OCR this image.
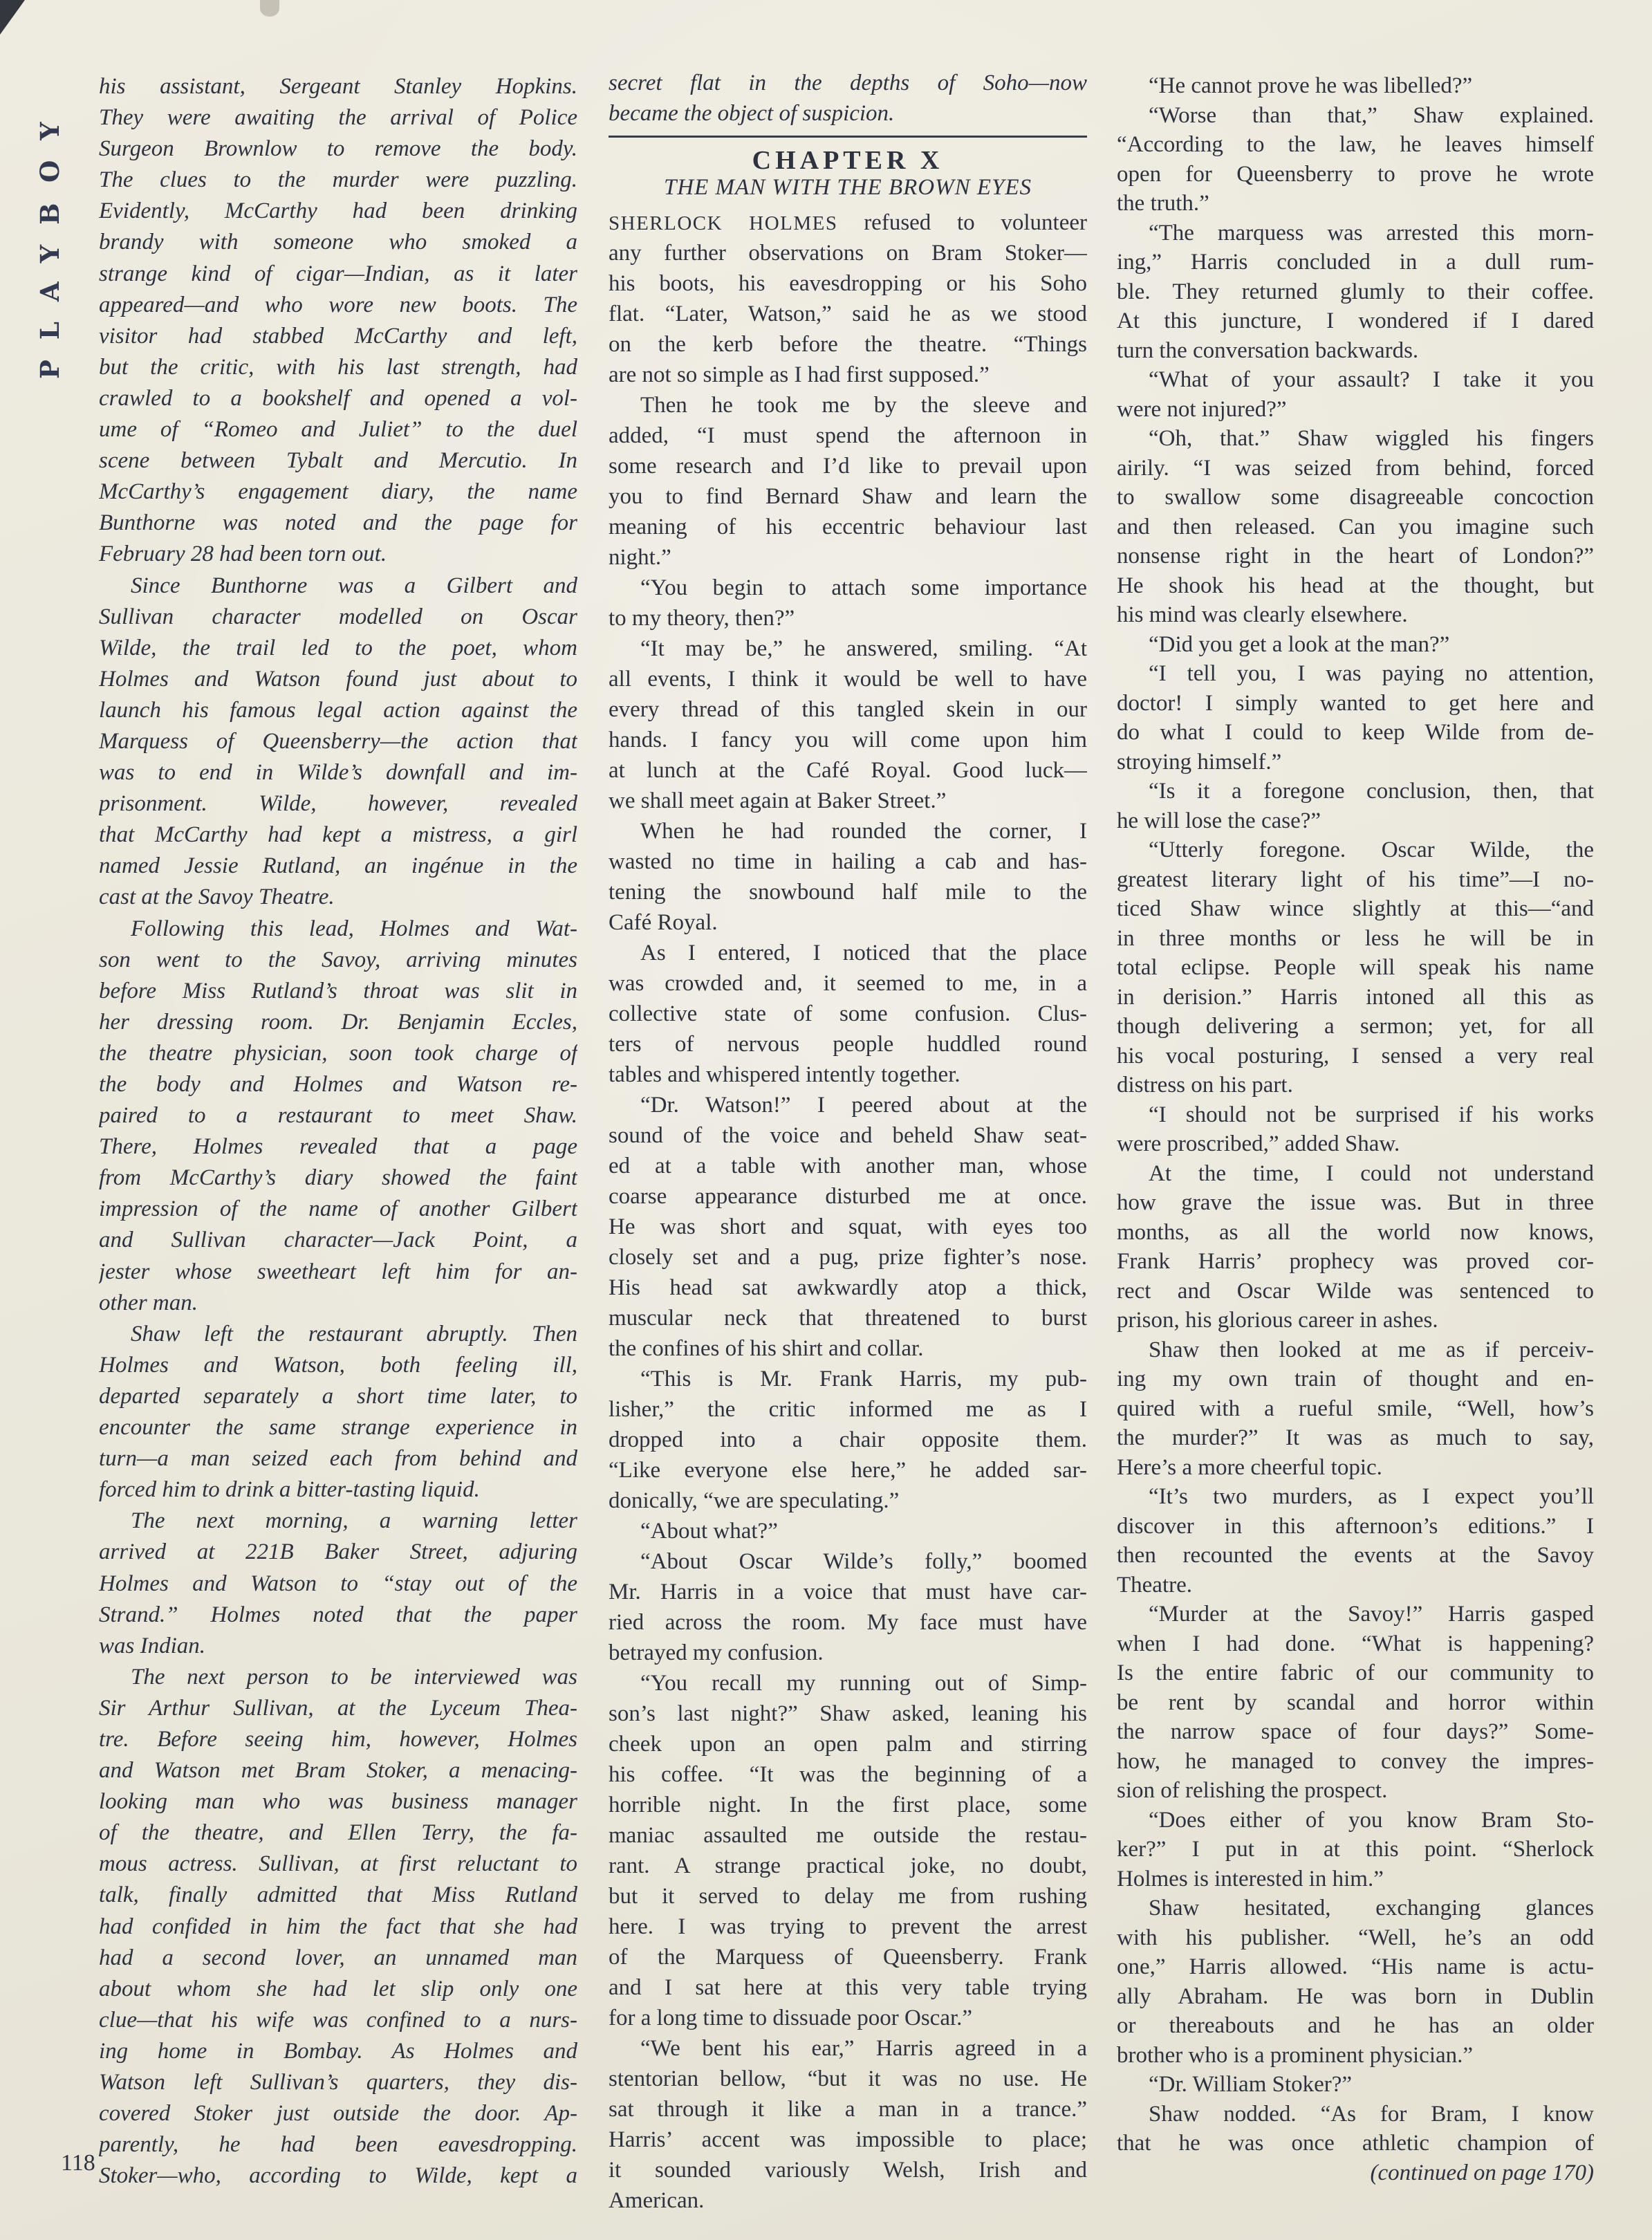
PLAYBOY
his assistant, Sergeant Stanley Hopkins.
They were awaiting the arrival of Police
Surgeon Brownlow to remove the body.
The clues to the murder were puzzling.
Evidently, McCarthy had been drinking
brandy with someone who smoked a
strange kind of cigar—Indian, as it later
appeared—and who wore new boots. The
visitor had stabbed McCarthy and left,
but the critic, with his last strength, had
crawled to a bookshelf and opened a vol-
ume of “Romeo and Juliet” to the duel
scene between Tybalt and Mercutio. In
McCarthy’s engagement diary, the name
Bunthorne was noted and the page for
February 28 had been torn out.
Since Bunthorne was a Gilbert and
Sullivan character modelled on Oscar
Wilde, the trail led to the poet, whom
Holmes and Watson found just about to
launch his famous legal action against the
Marquess of Queensberry—the action that
was to end in Wilde’s downfall and im-
prisonment. Wilde, however, revealed
that McCarthy had kept a mistress, a girl
named Jessie Rutland, an ingénue in the
cast at the Savoy Theatre.
Following this lead, Holmes and Wat-
son went to the Savoy, arriving minutes
before Miss Rutland’s throat was slit in
her dressing room. Dr. Benjamin Eccles,
the theatre physician, soon took charge of
the body and Holmes and Watson re-
paired to a restaurant to meet Shaw.
There, Holmes revealed that a page
from McCarthy’s diary showed the faint
impression of the name of another Gilbert
and Sullivan character—Jack Point, a
jester whose sweetheart left him for an-
other man.
Shaw left the restaurant abruptly. Then
Holmes and Watson, both feeling ill,
departed separately a short time later, to
encounter the same strange experience in
turn—a man seized each from behind and
forced him to drink a bitter-tasting liquid.
The next morning, a warning letter
arrived at 221B Baker Street, adjuring
Holmes and Watson to “stay out of the
Strand.” Holmes noted that the paper
was Indian.
The next person to be interviewed was
Sir Arthur Sullivan, at the Lyceum Thea-
tre. Before seeing him, however, Holmes
and Watson met Bram Stoker, a menacing-
looking man who was business manager
of the theatre, and Ellen Terry, the fa-
mous actress. Sullivan, at first reluctant to
talk, finally admitted that Miss Rutland
had confided in him the fact that she had
had a second lover, an unnamed man
about whom she had let slip only one
clue—that his wife was confined to a nurs-
ing home in Bombay. As Holmes and
Watson left Sullivan’s quarters, they dis-
covered Stoker just outside the door. Ap-
parently, he had been eavesdropping.
Stoker—who, according to Wilde, kept a
secret flat in the depths of Soho—now
became the object of suspicion.
CHAPTER X
THE MAN WITH THE BROWN EYES
SHERLOCK HOLMES refused to volunteer
any further observations on Bram Stoker—
his boots, his eavesdropping or his Soho
flat. “Later, Watson,” said he as we stood
on the kerb before the theatre. “Things
are not so simple as I had first supposed.”
Then he took me by the sleeve and
added, “I must spend the afternoon in
some research and I’d like to prevail upon
you to find Bernard Shaw and learn the
meaning of his eccentric behaviour last
night.”
“You begin to attach some importance
to my theory, then?”
“It may be,” he answered, smiling. “At
all events, I think it would be well to have
every thread of this tangled skein in our
hands. I fancy you will come upon him
at lunch at the Café Royal. Good luck—
we shall meet again at Baker Street.”
When he had rounded the corner, I
wasted no time in hailing a cab and has-
tening the snowbound half mile to the
Café Royal.
As I entered, I noticed that the place
was crowded and, it seemed to me, in a
collective state of some confusion. Clus-
ters of nervous people huddled round
tables and whispered intently together.
“Dr. Watson!” I peered about at the
sound of the voice and beheld Shaw seat-
ed at a table with another man, whose
coarse appearance disturbed me at once.
He was short and squat, with eyes too
closely set and a pug, prize fighter’s nose.
His head sat awkwardly atop a thick,
muscular neck that threatened to burst
the confines of his shirt and collar.
“This is Mr. Frank Harris, my pub-
lisher,” the critic informed me as I
dropped into a chair opposite them.
“Like everyone else here,” he added sar-
donically, “we are speculating.”
“About what?”
“About Oscar Wilde’s folly,” boomed
Mr. Harris in a voice that must have car-
ried across the room. My face must have
betrayed my confusion.
“You recall my running out of Simp-
son’s last night?” Shaw asked, leaning his
cheek upon an open palm and stirring
his coffee. “It was the beginning of a
horrible night. In the first place, some
maniac assaulted me outside the restau-
rant. A strange practical joke, no doubt,
but it served to delay me from rushing
here. I was trying to prevent the arrest
of the Marquess of Queensberry. Frank
and I sat here at this very table trying
for a long time to dissuade poor Oscar.”
“We bent his ear,” Harris agreed in a
stentorian bellow, “but it was no use. He
sat through it like a man in a trance.”
Harris’ accent was impossible to place;
it sounded variously Welsh, Irish and
American.
“He cannot prove he was libelled?”
“Worse than that,” Shaw explained.
“According to the law, he leaves himself
open for Queensberry to prove he wrote
the truth.”
“The marquess was arrested this morn-
ing,” Harris concluded in a dull rum-
ble. They returned glumly to their coffee.
At this juncture, I wondered if I dared
turn the conversation backwards.
“What of your assault? I take it you
were not injured?”
“Oh, that.” Shaw wiggled his fingers
airily. “I was seized from behind, forced
to swallow some disagreeable concoction
and then released. Can you imagine such
nonsense right in the heart of London?”
He shook his head at the thought, but
his mind was clearly elsewhere.
“Did you get a look at the man?”
“I tell you, I was paying no attention,
doctor! I simply wanted to get here and
do what I could to keep Wilde from de-
stroying himself.”
“Is it a foregone conclusion, then, that
he will lose the case?”
“Utterly foregone. Oscar Wilde, the
greatest literary light of his time”—I no-
ticed Shaw wince slightly at this—“and
in three months or less he will be in
total eclipse. People will speak his name
in derision.” Harris intoned all this as
though delivering a sermon; yet, for all
his vocal posturing, I sensed a very real
distress on his part.
“I should not be surprised if his works
were proscribed,” added Shaw.
At the time, I could not understand
how grave the issue was. But in three
months, as all the world now knows,
Frank Harris’ prophecy was proved cor-
rect and Oscar Wilde was sentenced to
prison, his glorious career in ashes.
Shaw then looked at me as if perceiv-
ing my own train of thought and en-
quired with a rueful smile, “Well, how’s
the murder?” It was as much to say,
Here’s a more cheerful topic.
“It’s two murders, as I expect you’ll
discover in this afternoon’s editions.” I
then recounted the events at the Savoy
Theatre.
“Murder at the Savoy!” Harris gasped
when I had done. “What is happening?
Is the entire fabric of our community to
be rent by scandal and horror within
the narrow space of four days?” Some-
how, he managed to convey the impres-
sion of relishing the prospect.
“Does either of you know Bram Sto-
ker?” I put in at this point. “Sherlock
Holmes is interested in him.”
Shaw hesitated, exchanging glances
with his publisher. “Well, he’s an odd
one,” Harris allowed. “His name is actu-
ally Abraham. He was born in Dublin
or thereabouts and he has an older
brother who is a prominent physician.”
“Dr. William Stoker?”
Shaw nodded. “As for Bram, I know
that he was once athletic champion of
(continued on page 170)
118
